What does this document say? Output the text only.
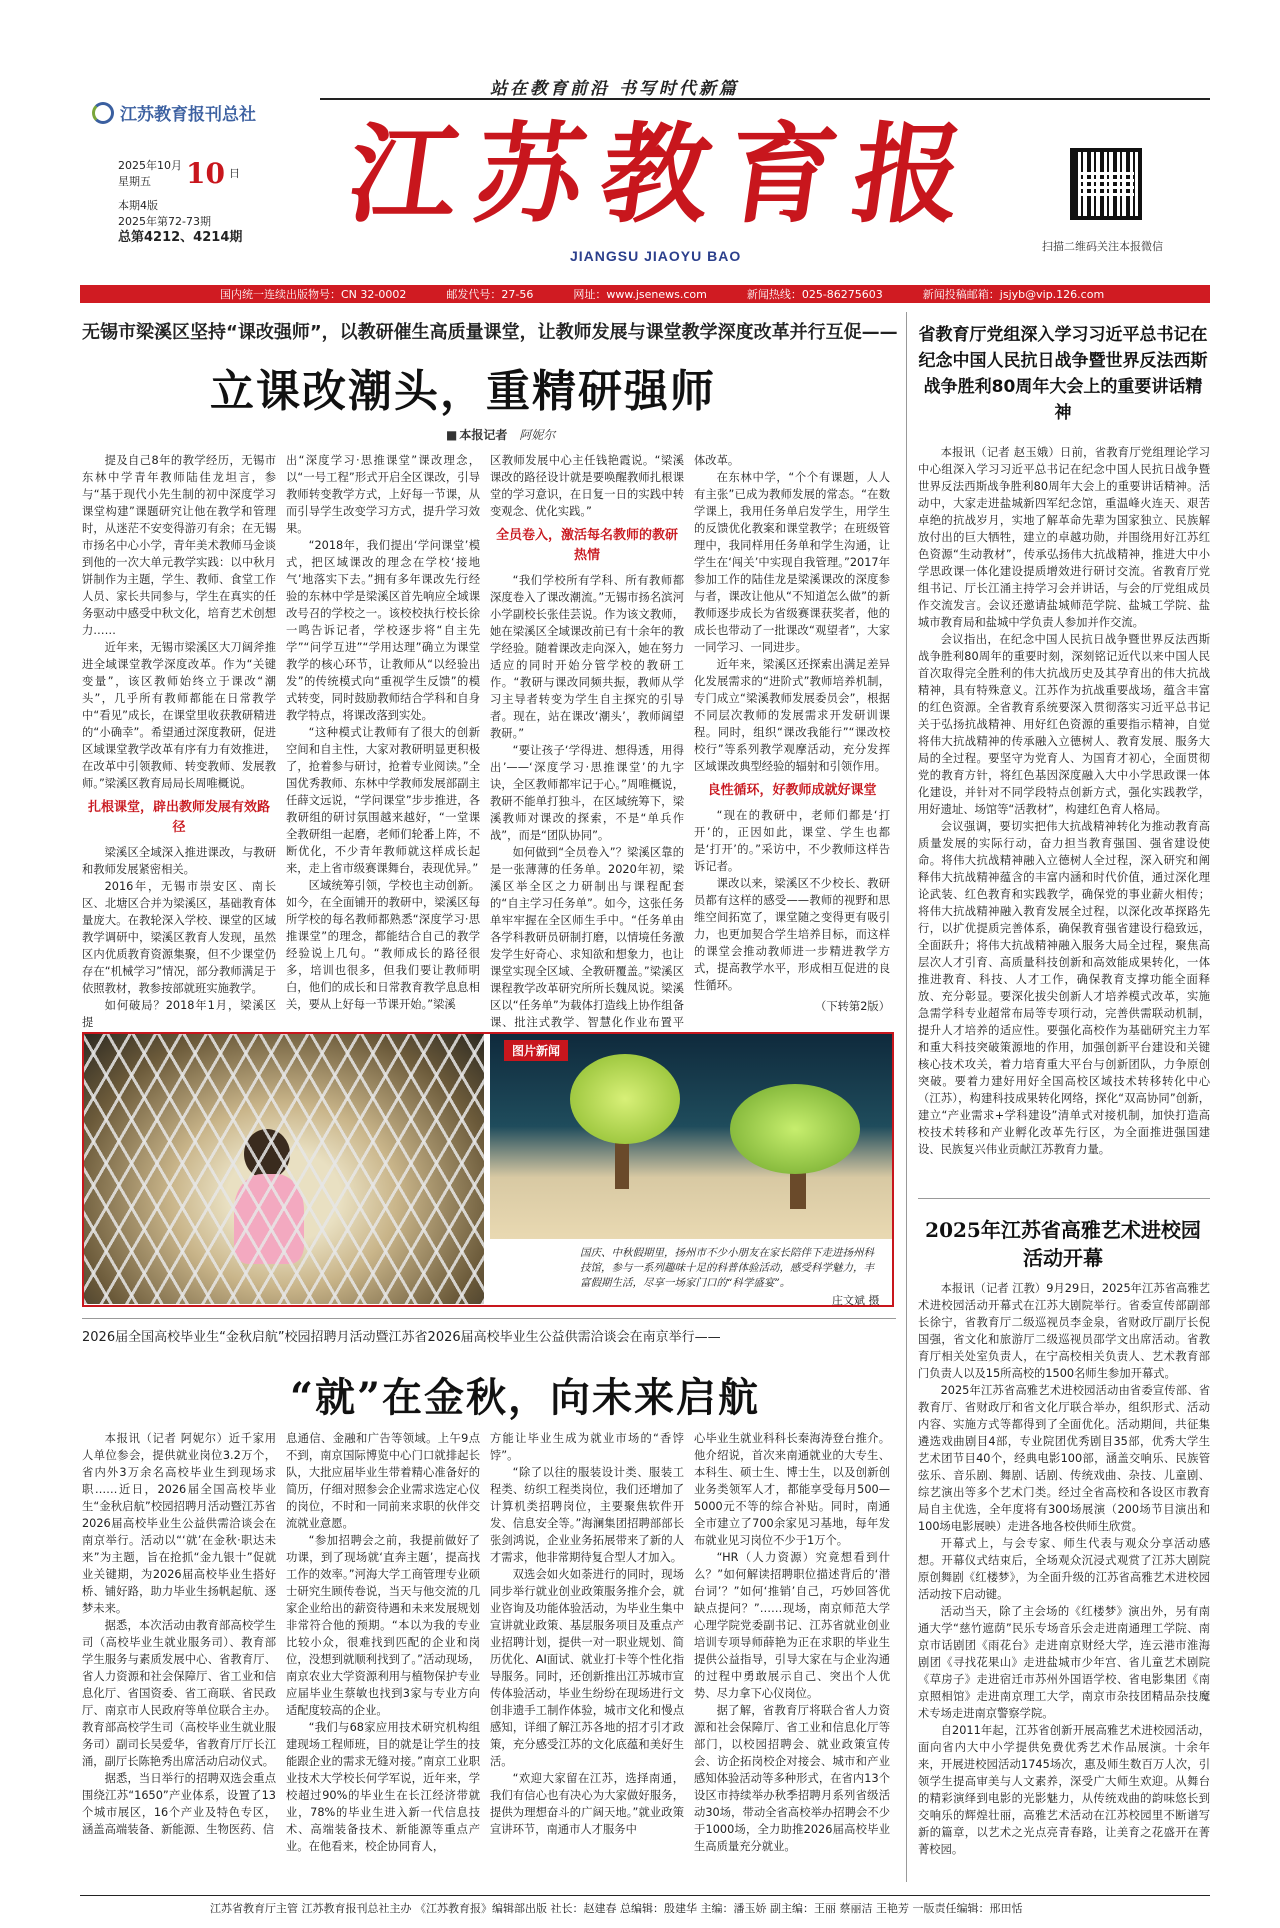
站在教育前沿 书写时代新篇
江苏教育报刊总社
2025年10月
星期五	10 日
本期4版
2025年第72-73期
总第4212、4214期 江苏教育报
JIANGSU JIAOYU BAO
扫描二维码关注本报微信
国内统一连续出版物号：CN 32-0002	邮发代号：27-56	网址：www.jsenews.com	新闻热线：025-86275603	新闻投稿邮箱：jsjyb@vip.126.com
无锡市梁溪区坚持“课改强师”，以教研催生高质量课堂，让教师发展与课堂教学深度改革并行互促——
立课改潮头，重精研强师
■ 本报记者 阿妮尔

提及自己8年的教学经历，无锡市东林中学青年教师陆佳龙坦言，参与“基于现代小先生制的初中深度学习课堂构建”课题研究让他在教学和管理时，从迷茫不安变得游刃有余；在无锡市扬名中心小学，青年美术教师马金谈到他的一次大单元教学实践：以中秋月饼制作为主题，学生、教师、食堂工作人员、家长共同参与，学生在真实的任务驱动中感受中秋文化，培育艺术创想力……

近年来，无锡市梁溪区大刀阔斧推进全域课堂教学深度改革。作为“关键变量”，该区教师始终立于课改“潮头”，几乎所有教师都能在日常教学中“看见”成长，在课堂里收获教研精进的“小确幸”。希望通过深度教研，促进区域课堂教学改革有序有力有效推进，在改革中引领教师、转变教师、发展教师。”梁溪区教育局局长周唯概说。

扎根课堂，辟出教师发展有效路径

梁溪区全域深入推进课改，与教研和教师发展紧密相关。

2016年，无锡市崇安区、南长区、北塘区合并为梁溪区，基础教育体量庞大。在教轮深入学校、课堂的区域教学调研中，梁溪区教育人发现，虽然区内优质教育资源集聚，但不少课堂仍存在“机械学习”情况，部分教师满足于依照教材，教参按部就班实施教学。

如何破局？2018年1月，梁溪区提

出“深度学习·思推课堂”课改理念，以“一号工程”形式开启全区课改，引导教师转变教学方式，上好每一节课，从而引导学生改变学习方式，提升学习效果。

“2018年，我们提出‘学问课堂’模式，把区域课改的理念在学校‘接地气’地落实下去。”拥有多年课改先行经验的东林中学是梁溪区首先响应全域课改号召的学校之一。该校校执行校长徐一鸣告诉记者，学校逐步将“自主先学”“问学互进”“学用达理”确立为课堂教学的核心环节，让教师从“以经验出发”的传统模式向“重视学生反馈”的模式转变，同时鼓励教师结合学科和自身教学特点，将课改落到实处。

“这种模式让教师有了很大的创新空间和自主性，大家对教研明显更积极了，抢着参与研讨，抢着专业阅读。”全国优秀教师、东林中学教师发展部副主任薛文远说，“学问课堂”步步推进，各教研组的研讨氛围越来越好，“一堂课全教研组一起磨，老师们轮番上阵，不断优化，不少青年教师就这样成长起来，走上省市级赛课舞台，表现优异。”

区域统筹引领，学校也主动创新。如今，在全面铺开的教研中，梁溪区每所学校的每名教师都熟悉“深度学习·思推课堂”的理念，都能结合自己的教学经验说上几句。“教师成长的路径很多，培训也很多，但我们要让教师明白，他们的成长和日常教育教学息息相关，要从上好每一节课开始。”梁溪

区教师发展中心主任钱艳霞说。“梁溪课改的路径设计就是要唤醒教师扎根课堂的学习意识，在日复一日的实践中转变观念、优化实践。”

全员卷入，激活每名教师的教研热情

“我们学校所有学科、所有教师都深度卷入了课改潮流。”无锡市扬名滨河小学副校长张佳芸说。作为该文教师，她在梁溪区全域课改前已有十余年的教学经验。随着课改走向深入，她在努力适应的同时开始分管学校的教研工作。“教研与课改同频共振，教师从学习主导者转变为学生自主探究的引导者。现在，站在课改‘潮头’，教师阔望教研。”

“要让孩子‘学得进、想得透，用得出’——‘深度学习·思推课堂’的九字诀，全区教师都牢记于心。”周唯概说，教研不能单打独斗，在区域统筹下，梁溪教师对课改的探索，不是“单兵作战”，而是“团队协同”。

如何做到“全员卷入”？梁溪区靠的是一张薄薄的任务单。2020年初，梁溪区举全区之力研制出与课程配套的“自主学习任务单”。如今，这张任务单牢牢握在全区师生手中。“任务单由各学科教研员研制打磨，以情境任务激发学生好奇心、求知欲和想象力，也让课堂实现全区域、全教研覆盖。”梁溪区课程教学改革研究所所长魏凤说。梁溪区以“任务单”为载体打造线上协作组备课、批注式教学、智慧化作业布置平

体改革。

在东林中学，“个个有课题，人人有主张”已成为教师发展的常态。“在数学课上，我用任务单启发学生，用学生的反馈优化教案和课堂教学；在班级管理中，我同样用任务单和学生沟通，让学生在‘闯关’中实现自我管理。”2017年参加工作的陆佳龙是梁溪课改的深度参与者，课改让他从“不知道怎么做”的新教师逐步成长为省级赛课获奖者，他的成长也带动了一批课改“观望者”，大家一同学习、一同进步。

近年来，梁溪区还探索出满足差异化发展需求的“进阶式”教师培养机制，专门成立“梁溪教师发展委员会”，根据不同层次教师的发展需求开发研训课程。同时，组织“课改我能行”“课改校校行”等系列教学观摩活动，充分发挥区域课改典型经验的辐射和引领作用。

良性循环，好教师成就好课堂

“现在的教研中，老师们都是‘打开’的，正因如此，课堂、学生也都是‘打开’的。”采访中，不少教师这样告诉记者。

课改以来，梁溪区不少校长、教研员都有这样的感受——教师的视野和思维空间拓宽了，课堂随之变得更有吸引力，也更加契合学生培养目标，而这样的课堂会推动教师进一步精进教学方式，提高教学水平，形成相互促进的良性循环。

（下转第2版）
省教育厅党组深入学习习近平总书记在纪念中国人民抗日战争暨世界反法西斯战争胜利80周年大会上的重要讲话精神

本报讯（记者 赵玉娥）日前，省教育厅党组理论学习中心组深入学习习近平总书记在纪念中国人民抗日战争暨世界反法西斯战争胜利80周年大会上的重要讲话精神。活动中，大家走进盐城新四军纪念馆，重温峰火连天、艰苦卓绝的抗战岁月，实地了解革命先辈为国家独立、民族解放付出的巨大牺牲，建立的卓越功勋，并围绕用好江苏红色资源“生动教材”，传承弘扬伟大抗战精神，推进大中小学思政课一体化建设提质增效进行研讨交流。省教育厅党组书记、厅长江涌主持学习会并讲话，与会的厅党组成员作交流发言。会议还邀请盐城师范学院、盐城工学院、盐城市教育局和盐城中学负责人参加并作交流。

会议指出，在纪念中国人民抗日战争暨世界反法西斯战争胜利80周年的重要时刻，深刻铭记近代以来中国人民首次取得完全胜利的伟大抗战历史及其孕育出的伟大抗战精神，具有特殊意义。江苏作为抗战重要战场，蕴含丰富的红色资源。全省教育系统要深入贯彻落实习近平总书记关于弘扬抗战精神、用好红色资源的重要指示精神，自觉将伟大抗战精神的传承融入立德树人、教育发展、服务大局的全过程。要坚守为党育人、为国育才初心，全面贯彻党的教育方针，将红色基因深度融入大中小学思政课一体化建设，并针对不同学段特点创新方式，强化实践教学，用好遗址、场馆等“活教材”，构建红色育人格局。

会议强调，要切实把伟大抗战精神转化为推动教育高质量发展的实际行动，奋力担当教育强国、强省建设使命。将伟大抗战精神融入立德树人全过程，深入研究和阐释伟大抗战精神蕴含的丰富内涵和时代价值，通过深化理论武装、红色教育和实践教学，确保党的事业薪火相传；将伟大抗战精神融入教育发展全过程，以深化改革探路先行，以扩优提质完善体系，确保教育强省建设行稳致远，全面跃升；将伟大抗战精神融入服务大局全过程，聚焦高层次人才引育、高质量科技创新和高效能成果转化，一体推进教育、科技、人才工作，确保教育支撑功能全面释放、充分彰显。要深化拔尖创新人才培养模式改革，实施急需学科专业超常布局等专项行动，完善供需联动机制，提升人才培养的适应性。要强化高校作为基础研究主力军和重大科技突破策源地的作用，加强创新平台建设和关键核心技术攻关，着力培育重大平台与创新团队，力争原创突破。要着力建好用好全国高校区域技术转移转化中心（江苏），构建科技成果转化网络，探化“双高协同”创新，建立“产业需求+学科建设”清单式对接机制，加快打造高校技术转移和产业孵化改革先行区，为全面推进强国建设、民族复兴伟业贡献江苏教育力量。

2025年江苏省高雅艺术进校园活动开幕

本报讯（记者 江教）9月29日，2025年江苏省高雅艺术进校园活动开幕式在江苏大剧院举行。省委宣传部副部长徐宁，省教育厅二级巡视员李金泉，省财政厅副厅长倪国强，省文化和旅游厅二级巡视员邵学文出席活动。省教育厅相关处室负责人，在宁高校相关负责人、艺术教育部门负责人以及15所高校的1500名师生参加开幕式。

2025年江苏省高雅艺术进校园活动由省委宣传部、省教育厅、省财政厅和省文化厅联合举办，组织形式、活动内容、实施方式等都得到了全面优化。活动期间，共征集遴选戏曲剧目4部，专业院团优秀剧目35部，优秀大学生艺术团节目40个，经典电影100部，涵盖交响乐、民族管弦乐、音乐剧、舞剧、话剧、传统戏曲、杂技、儿童剧、综艺演出等多个艺术门类。经过全省高校和各设区市教育局自主优选，全年度将有300场展演（200场节目演出和100场电影展映）走进各地各校供师生欣赏。

开幕式上，与会专家、师生代表与观众分享活动感想。开幕仪式结束后，全场观众沉浸式观赏了江苏大剧院原创舞剧《红楼梦》，为全面升级的江苏省高雅艺术进校园活动按下启动键。

活动当天，除了主会场的《红楼梦》演出外，另有南通大学“慈竹遮荫”民乐专场音乐会走进南通理工学院、南京市话剧团《雨花台》走进南京财经大学，连云港市淮海剧团《寻找花果山》走进盐城市少年宫、省儿童艺术剧院《草房子》走进宿迁市苏州外国语学校、省电影集团《南京照相馆》走进南京理工大学，南京市杂技团精品杂技魔术专场走进南京警察学院。

自2011年起，江苏省创新开展高雅艺术进校园活动，面向省内大中小学提供免费优秀艺术作品展演。十余年来，开展进校园活动1745场次，惠及师生数百万人次，引领学生提高审美与人文素养，深受广大师生欢迎。从舞台的精彩演绎到电影的光影魅力，从传统戏曲的韵味悠长到交响乐的辉煌壮丽，高雅艺术活动在江苏校园里不断谱写新的篇章，以艺术之光点亮青春路，让美育之花盛开在菁菁校园。

图片新闻
国庆、中秋假期里，扬州市不少小朋友在家长陪伴下走进扬州科技馆，参与一系列趣味十足的科普体验活动，感受科学魅力，丰富假期生活，尽享一场家门口的“科学盛宴”。
庄文斌 摄
2026届全国高校毕业生“金秋启航”校园招聘月活动暨江苏省2026届高校毕业生公益供需洽谈会在南京举行——
“就”在金秋，向未来启航

本报讯（记者 阿妮尔）近千家用人单位参会，提供就业岗位3.2万个，省内外3万余名高校毕业生到现场求职……近日，2026届全国高校毕业生“金秋启航”校园招聘月活动暨江苏省2026届高校毕业生公益供需洽谈会在南京举行。活动以“‘就’在金秋·职达未来”为主题，旨在抢抓“金九银十”促就业关键期，为2026届高校毕业生搭好桥、铺好路，助力毕业生扬帆起航、逐梦未来。

据悉，本次活动由教育部高校学生司（高校毕业生就业服务司）、教育部学生服务与素质发展中心、省教育厅、省人力资源和社会保障厅、省工业和信息化厅、省国资委、省工商联、省民政厅、南京市人民政府等单位联合主办。教育部高校学生司（高校毕业生就业服务司）副司长吴爱华，省教育厅厅长江涌，副厅长陈艳秀出席活动启动仪式。

据悉，当日举行的招聘双选会重点围绕江苏“1650”产业体系，设置了13个城市展区，16个产业及特色专区，涵盖高端装备、新能源、生物医药、信

息通信、金融和广告等领域。上午9点不到，南京国际博览中心门口就排起长队，大批应届毕业生带着精心准备好的简历，仔细对照参会企业需求选定心仪的岗位，不时和一同前来求职的伙伴交流就业意愿。

“参加招聘会之前，我提前做好了功课，到了现场就‘直奔主题’，提高找工作的效率。”河海大学工商管理专业硕士研究生顾传卷说，当天与他交流的几家企业给出的薪资待遇和未来发展规划非常符合他的预期。“本以为我的专业比较小众，很难找到匹配的企业和岗位，没想到就顺利找到了。”活动现场，南京农业大学资源利用与植物保护专业应届毕业生蔡敏也找到3家与专业方向适配度较高的企业。

“我们与68家应用技术研究机构组建现场工程师班，目的就是让学生的技能跟企业的需求无缝对接。”南京工业职业技术大学校长何学军说，近年来，学校超过90%的毕业生在长江经济带就业，78%的毕业生进入新一代信息技术、高端装备技术、新能源等重点产业。在他看来，校企协同育人，

方能让毕业生成为就业市场的“香饽饽”。

“除了以往的服装设计类、服装工程类、纺织工程类岗位，我们还增加了计算机类招聘岗位，主要聚焦软件开发、信息安全等。”海澜集团招聘部部长张剑鸿说，企业业务拓展带来了新的人才需求，他非常期待复合型人才加入。

双选会如火如荼进行的同时，现场同步举行就业创业政策服务推介会，就业咨询及功能体验活动，为毕业生集中宣讲就业政策、基层服务项目及重点产业招聘计划，提供一对一职业规划、简历优化、AI面试、就业打卡等个性化指导服务。同时，还创新推出江苏城市宣传体验活动，毕业生纷纷在现场进行文创非遗手工制作体验，城市文化和慢点感知，详细了解江苏各地的招才引才政策，充分感受江苏的文化底蕴和美好生活。

“欢迎大家留在江苏，选择南通，我们有信心也有决心为大家做好服务，提供为理想奋斗的广阔天地。”就业政策宣讲环节，南通市人才服务中

心毕业生就业科科长秦海涛登台推介。他介绍说，首次来南通就业的大专生、本科生、硕士生、博士生，以及创新创业务类领军人才，都能享受每月500—5000元不等的综合补贴。同时，南通全市建立了700余家见习基地，每年发布就业见习岗位不少于1万个。

“HR（人力资源）究竟想看到什么？”如何解读招聘职位描述背后的‘潜台词’？”如何‘推销’自己，巧妙回答优缺点提问？”……现场，南京师范大学心理学院党委副书记、江苏省就业创业培训专项导师薛艳为正在求职的毕业生提供公益指导，引导大家在与企业沟通的过程中勇敢展示自己、突出个人优势、尽力拿下心仪岗位。

据了解，省教育厅将联合省人力资源和社会保障厅、省工业和信息化厅等部门，以校园招聘会、就业政策宣传会、访企拓岗校企对接会、城市和产业感知体验活动等多种形式，在省内13个设区市持续举办秋季招聘月系列省级活动30场，带动全省高校举办招聘会不少于1000场，全力助推2026届高校毕业生高质量充分就业。

江苏省教育厅主管 江苏教育报刊总社主办 《江苏教育报》编辑部出版 社长：赵建春 总编辑：殷建华 主编：潘玉娇 副主编：王丽 蔡丽洁 王艳芳 一版责任编辑：邢田恬
